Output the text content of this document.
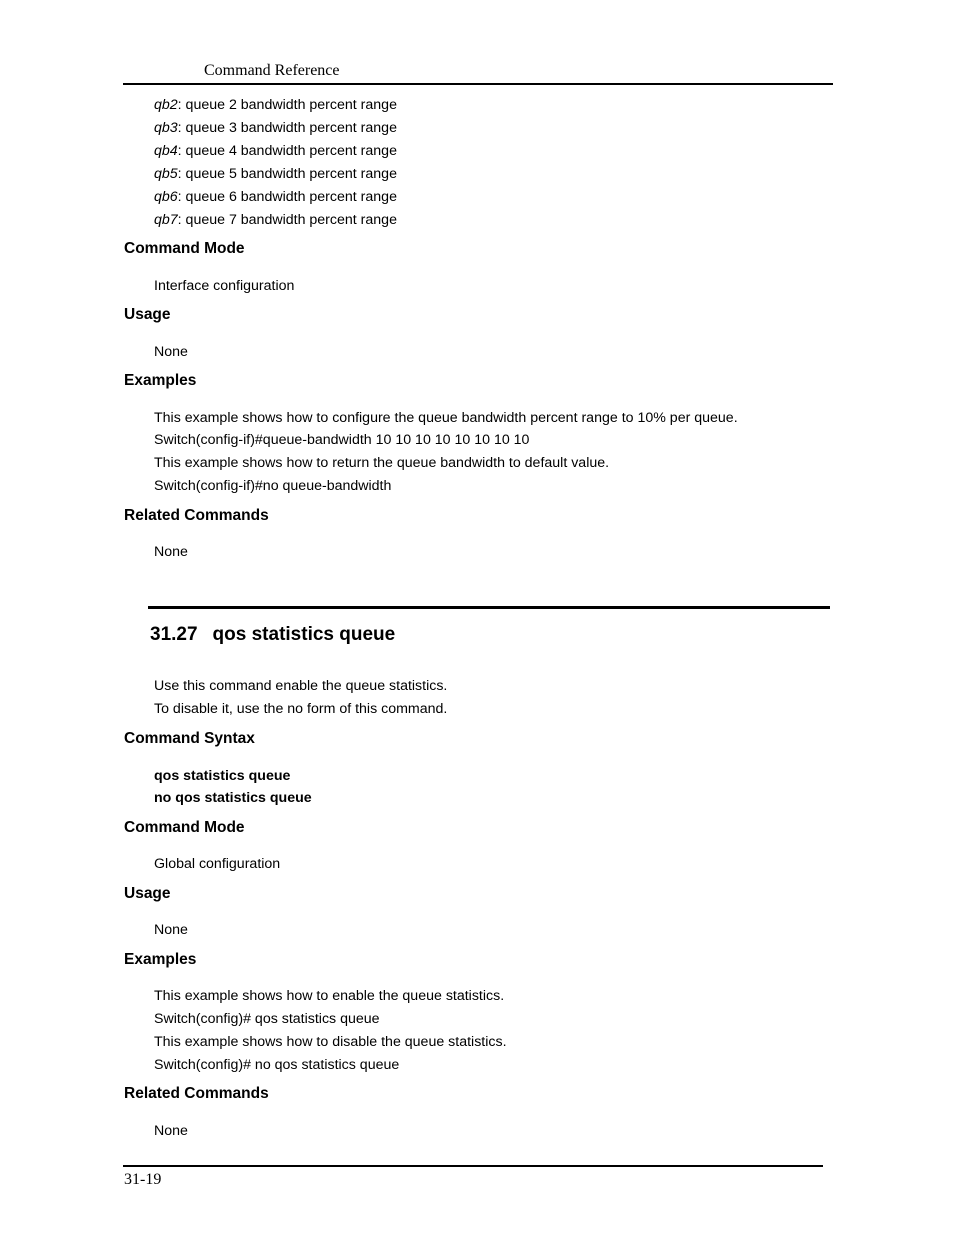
Command Reference
qb2: queue 2 bandwidth percent range
qb3: queue 3 bandwidth percent range
qb4: queue 4 bandwidth percent range
qb5: queue 5 bandwidth percent range
qb6: queue 6 bandwidth percent range
qb7: queue 7 bandwidth percent range
Command Mode
Interface configuration
Usage
None
Examples
This example shows how to configure the queue bandwidth percent range to 10% per queue.
Switch(config-if)#queue-bandwidth 10 10 10 10 10 10 10 10
This example shows how to return the queue bandwidth to default value.
Switch(config-if)#no queue-bandwidth
Related Commands
None
31.27 qos statistics queue
Use this command enable the queue statistics.
To disable it, use the no form of this command.
Command Syntax
qos statistics queue
no qos statistics queue
Command Mode
Global configuration
Usage
None
Examples
This example shows how to enable the queue statistics.
Switch(config)# qos statistics queue
This example shows how to disable the queue statistics.
Switch(config)# no qos statistics queue
Related Commands
None
31-19
